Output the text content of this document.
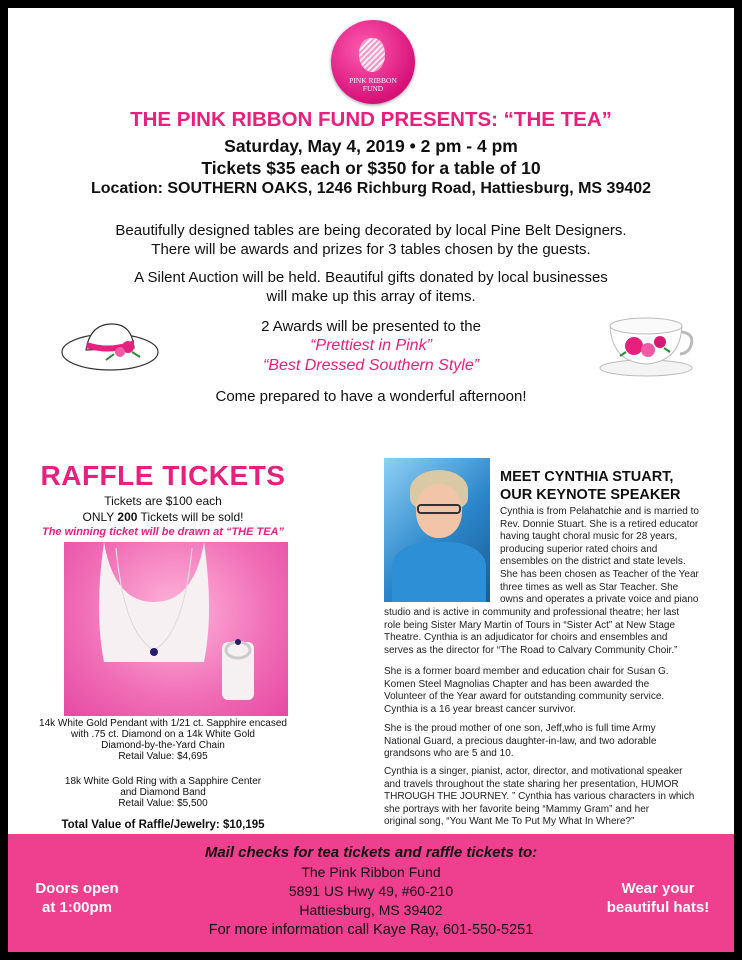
PINK RIBBON
FUND
THE PINK RIBBON FUND PRESENTS: “THE TEA”
Saturday, May 4, 2019 • 2 pm - 4 pm
Tickets $35 each or $350 for a table of 10
Location: SOUTHERN OAKS, 1246 Richburg Road, Hattiesburg, MS 39402
Beautifully designed tables are being decorated by local Pine Belt Designers.
There will be awards and prizes for 3 tables chosen by the guests.
A Silent Auction will be held. Beautiful gifts donated by local businesses
will make up this array of items.
2 Awards will be presented to the
“Prettiest in Pink”
“Best Dressed Southern Style”
Come prepared to have a wonderful afternoon!
RAFFLE TICKETS
Tickets are $100 each
ONLY 200 Tickets will be sold!
The winning ticket will be drawn at “THE TEA”
14k White Gold Pendant with 1/21 ct. Sapphire encased
with .75 ct. Diamond on a 14k White Gold
Diamond-by-the-Yard Chain
Retail Value: $4,695
18k White Gold Ring with a Sapphire Center
and Diamond Band
Retail Value: $5,500
Total Value of Raffle/Jewelry: $10,195
MEET CYNTHIA STUART,
OUR KEYNOTE SPEAKER
Cynthia is from Pelahatchie and is married to
Rev. Donnie Stuart. She is a retired educator
having taught choral music for 28 years,
producing superior rated choirs and
ensembles on the district and state levels.
She has been chosen as Teacher of the Year
three times as well as Star Teacher. She
owns and operates a private voice and piano
studio and is active in community and professional theatre; her last
role being Sister Mary Martin of Tours in “Sister Act” at New Stage
Theatre. Cynthia is an adjudicator for choirs and ensembles and
serves as the director for “The Road to Calvary Community Choir.”
She is a former board member and education chair for Susan G.
Komen Steel Magnolias Chapter and has been awarded the
Volunteer of the Year award for outstanding community service.
Cynthia is a 16 year breast cancer survivor.
She is the proud mother of one son, Jeff,who is full time Army
National Guard, a precious daughter-in-law, and two adorable
grandsons who are 5 and 10.
Cynthia is a singer, pianist, actor, director, and motivational speaker
and travels throughout the state sharing her presentation, HUMOR
THROUGH THE JOURNEY. ” Cynthia has various characters in which
she portrays with her favorite being “Mammy Gram” and her
original song, “You Want Me To Put My What In Where?”
Mail checks for tea tickets and raffle tickets to:
The Pink Ribbon Fund
5891 US Hwy 49, #60-210
Hattiesburg, MS 39402
For more information call Kaye Ray, 601-550-5251
Doors open
at 1:00pm
Wear your
beautiful hats!
